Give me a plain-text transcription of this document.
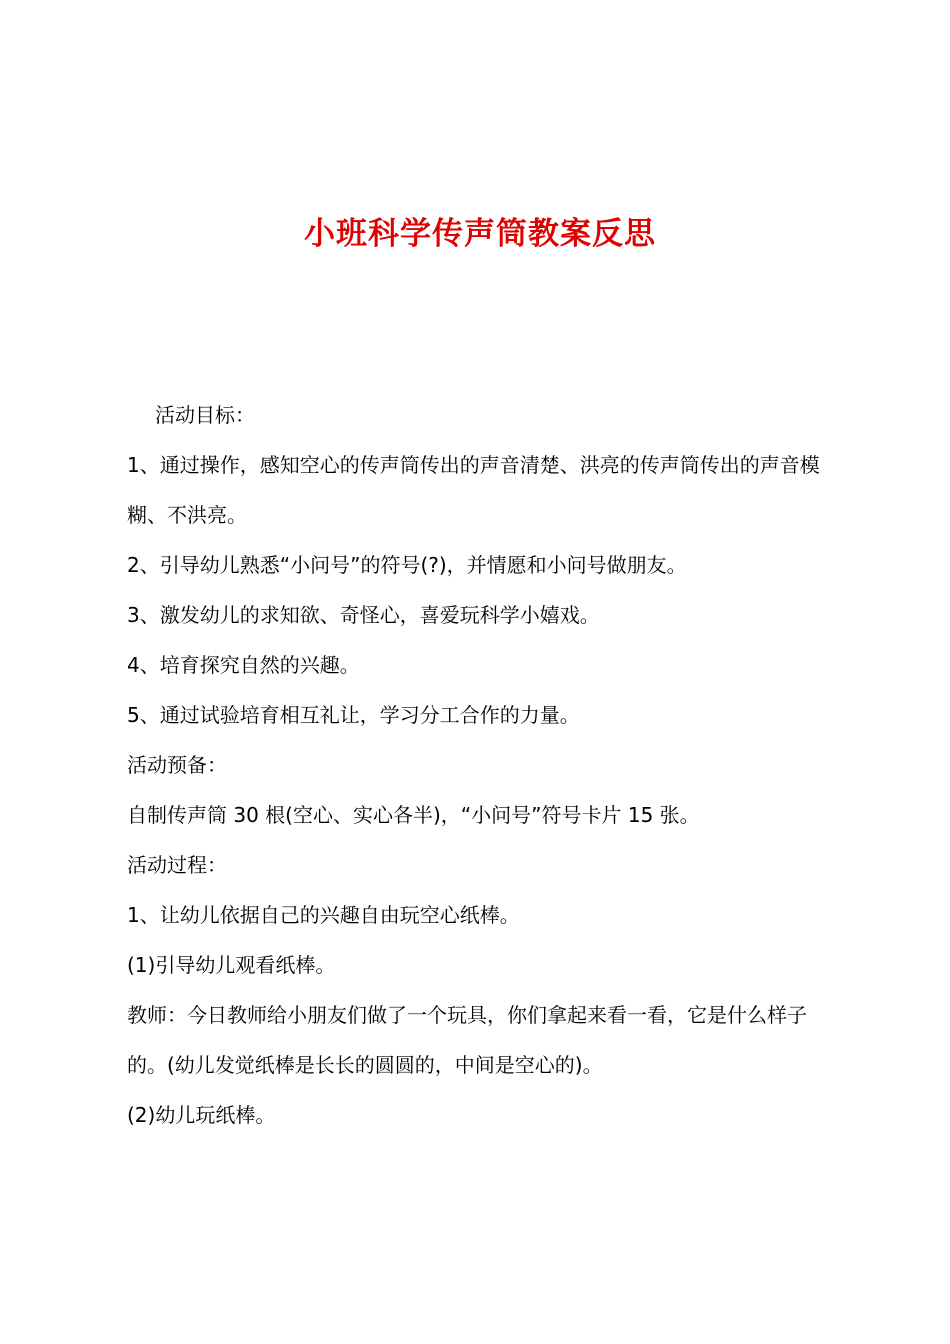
小班科学传声筒教案反思

活动目标：

1、通过操作，感知空心的传声筒传出的声音清楚、洪亮的传声筒传出的声音模糊、不洪亮。

2、引导幼儿熟悉“小问号”的符号(?)，并情愿和小问号做朋友。

3、激发幼儿的求知欲、奇怪心，喜爱玩科学小嬉戏。

4、培育探究自然的兴趣。

5、通过试验培育相互礼让，学习分工合作的力量。

活动预备：

自制传声筒 30 根(空心、实心各半)，“小问号”符号卡片 15 张。

活动过程：

1、让幼儿依据自己的兴趣自由玩空心纸棒。

(1)引导幼儿观看纸棒。

教师：今日教师给小朋友们做了一个玩具，你们拿起来看一看，它是什么样子的。(幼儿发觉纸棒是长长的圆圆的，中间是空心的)。

(2)幼儿玩纸棒。
